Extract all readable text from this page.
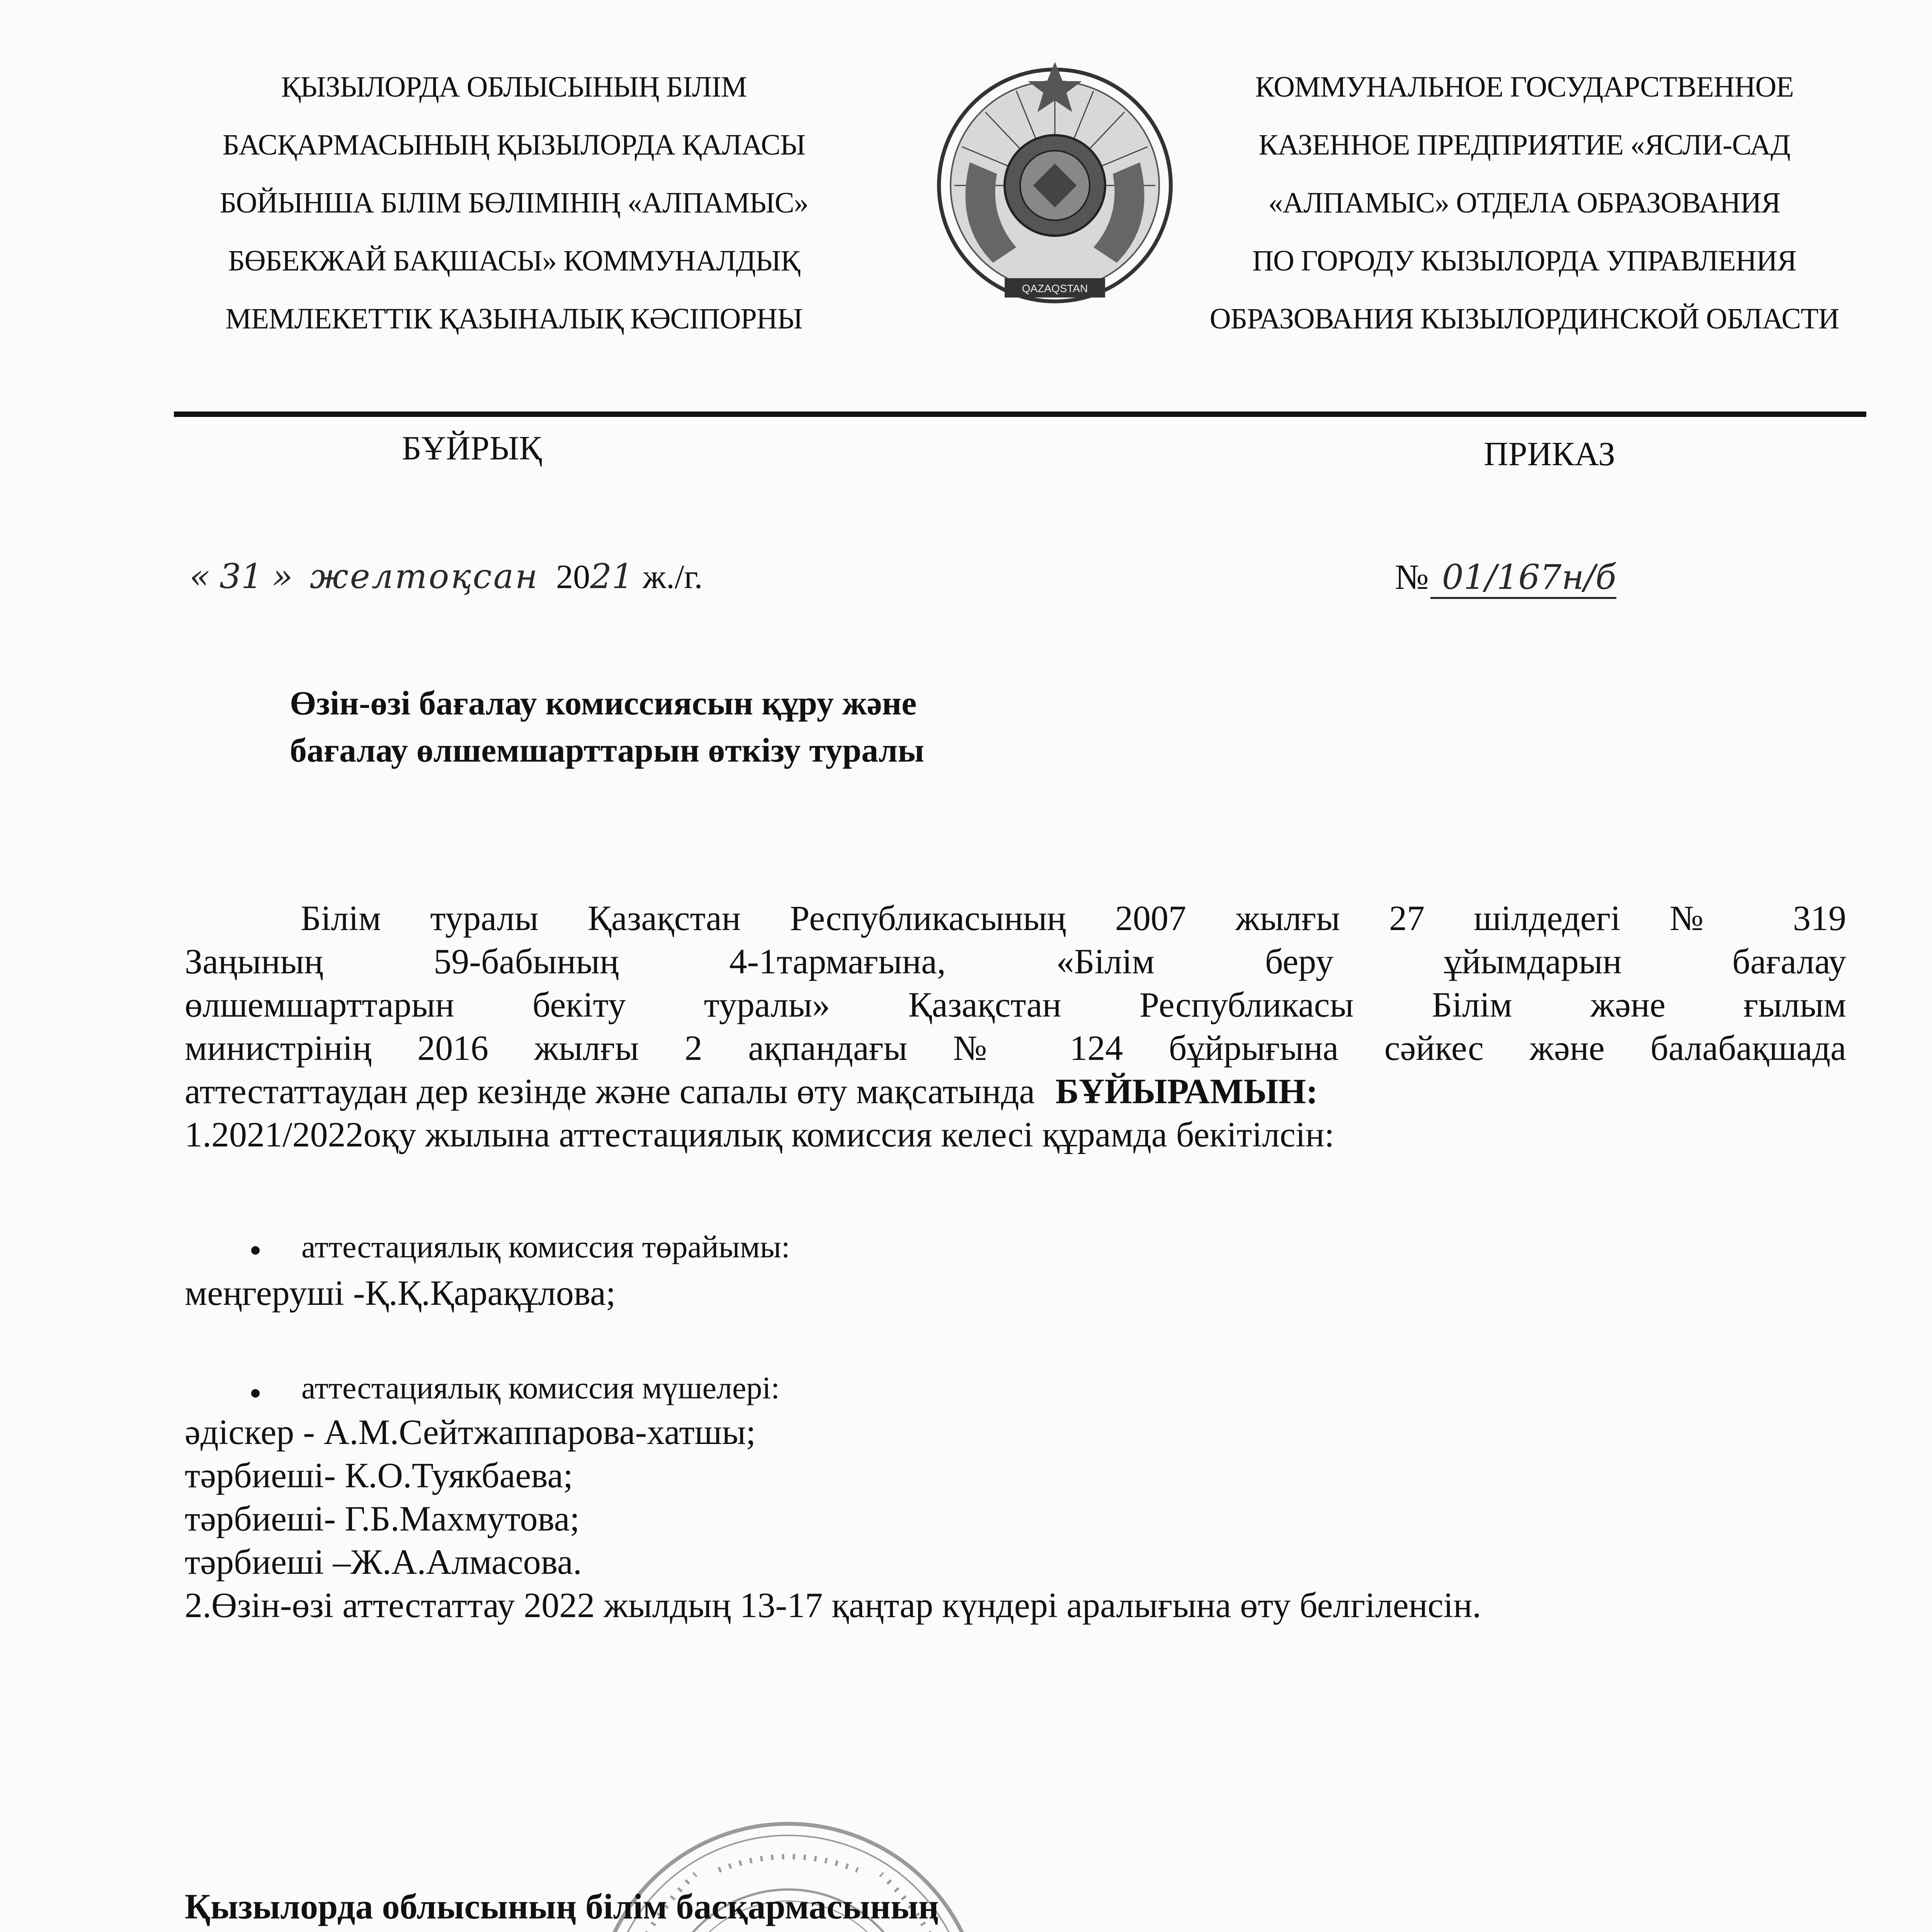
ҚЫЗЫЛОРДА ОБЛЫСЫНЫҢ БІЛІМ
БАСҚАРМАСЫНЫҢ ҚЫЗЫЛОРДА ҚАЛАСЫ
БОЙЫНША БІЛІМ БӨЛІМІНІҢ «АЛПАМЫС»
БӨБЕКЖАЙ БАҚШАСЫ» КОММУНАЛДЫҚ
МЕМЛЕКЕТТІК ҚАЗЫНАЛЫҚ КӘСІПОРНЫ
QAZAQSTAN
КОММУНАЛЬНОЕ ГОСУДАРСТВЕННОЕ
КАЗЕННОЕ ПРЕДПРИЯТИЕ «ЯСЛИ-САД
«АЛПАМЫС» ОТДЕЛА ОБРАЗОВАНИЯ
ПО ГОРОДУ КЫЗЫЛОРДА УПРАВЛЕНИЯ
ОБРАЗОВАНИЯ КЫЗЫЛОРДИНСКОЙ ОБЛАСТИ
БҰЙРЫҚ	ПРИКАЗ
« 31 » желтоқсан 2021 ж./г.	№ 01/167н/б
Өзін-өзі бағалау комиссиясын құру және
бағалау өлшемшарттарын өткізу туралы
Білім туралы Қазақстан Республикасының 2007 жылғы 27 шілдедегі № 319
Заңының 59-бабының 4-1тармағына, «Білім беру ұйымдарын бағалау
өлшемшарттарын бекіту туралы» Қазақстан Республикасы Білім және ғылым
министрінің 2016 жылғы 2 ақпандағы № 124 бұйрығына сәйкес және балабақшада
аттестаттаудан дер кезінде және сапалы өту мақсатында БҰЙЫРАМЫН:
1.2021/2022оқу жылына аттестациялық комиссия келесі құрамда бекітілсін:
аттестациялық комиссия төрайымы:
меңгеруші -Қ.Қ.Қарақұлова;
аттестациялық комиссия мүшелері:
әдіскер - А.М.Сейтжаппарова-хатшы;
тәрбиеші- К.О.Туякбаева;
тәрбиеші- Г.Б.Махмутова;
тәрбиеші –Ж.А.Алмасова.
2.Өзін-өзі аттестаттау 2022 жылдың 13-17 қаңтар күндері аралығына өту белгіленсін.
Қызылорда облысының білім басқармасының
